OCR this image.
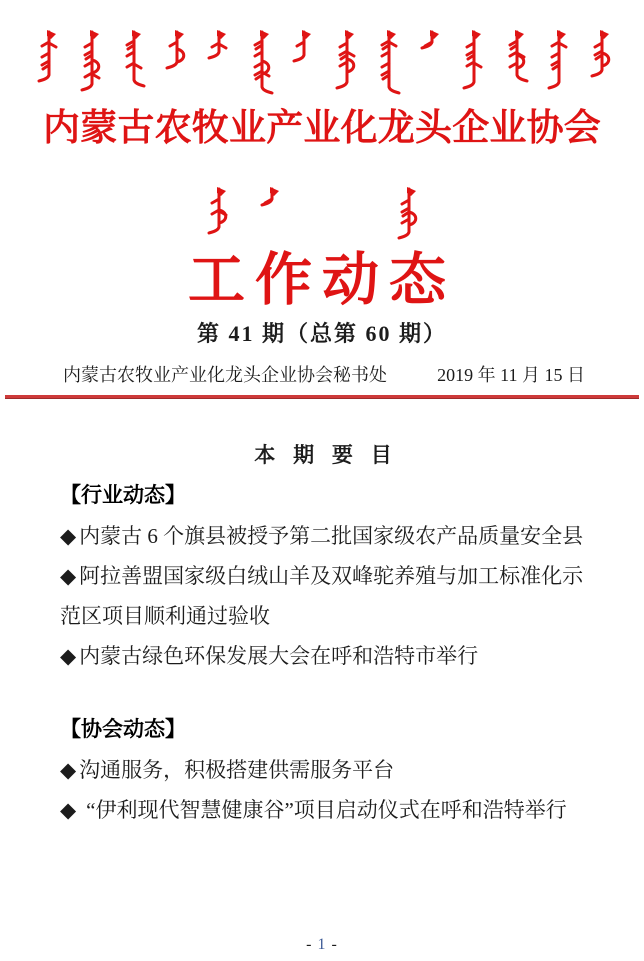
内蒙古农牧业产业化龙头企业协会
工作动态
第 41 期（总第 60 期）
内蒙古农牧业产业化龙头企业协会秘书处	2019 年 11 月 15 日
本 期 要 目
【行业动态】
◆ 内蒙古 6 个旗县被授予第二批国家级农产品质量安全县
◆ 阿拉善盟国家级白绒山羊及双峰驼养殖与加工标准化示范区项目顺利通过验收
◆ 内蒙古绿色环保发展大会在呼和浩特市举行
【协会动态】
◆ 沟通服务，积极搭建供需服务平台
◆ “伊利现代智慧健康谷”项目启动仪式在呼和浩特举行
- 1 -
